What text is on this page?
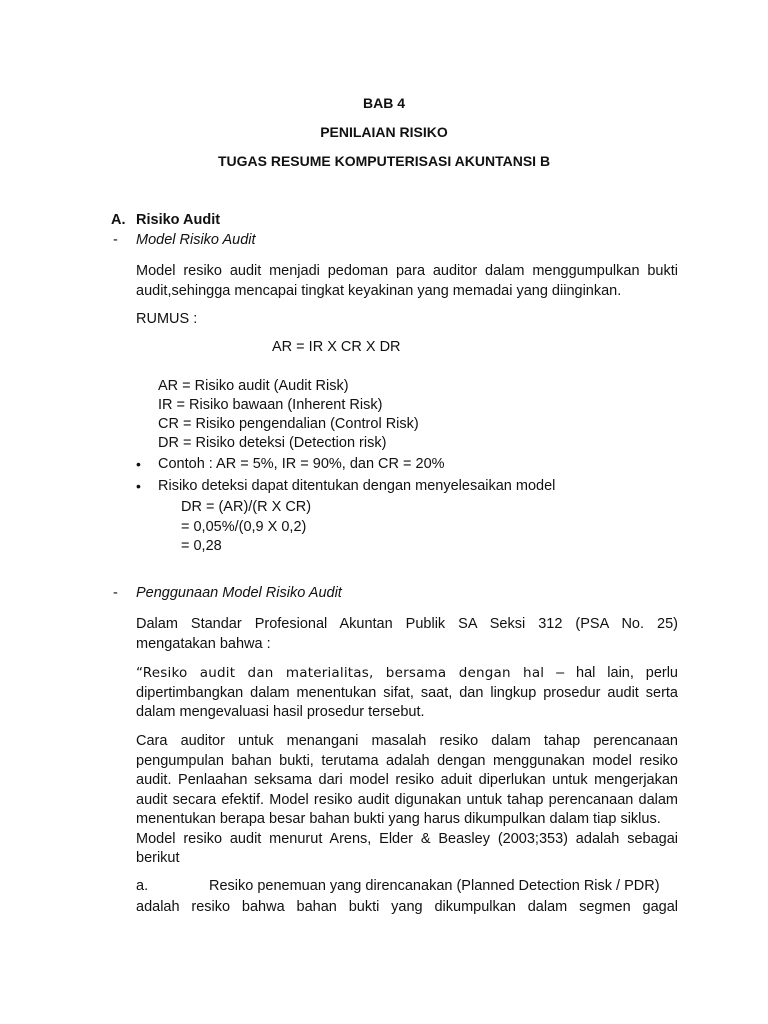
BAB 4
PENILAIAN RISIKO
TUGAS RESUME KOMPUTERISASI AKUNTANSI B
A. Risiko Audit
- Model Risiko Audit
Model resiko audit menjadi pedoman para auditor dalam menggumpulkan bukti
audit,sehingga mencapai tingkat keyakinan yang memadai yang diinginkan.
RUMUS :
AR = IR X CR X DR
AR = Risiko audit (Audit Risk)
IR = Risiko bawaan (Inherent Risk)
CR = Risiko pengendalian (Control Risk)
DR = Risiko deteksi (Detection risk)
• Contoh : AR = 5%, IR = 90%, dan CR = 20%
• Risiko deteksi dapat ditentukan dengan menyelesaikan model
DR = (AR)/(R X CR)
= 0,05%/(0,9 X 0,2)
= 0,28
- Penggunaan Model Risiko Audit
Dalam Standar Profesional Akuntan Publik SA Seksi 312 (PSA No. 25)
mengatakan bahwa :
“Resiko audit dan materialitas, bersama dengan hal – hal lain, perlu
dipertimbangkan dalam menentukan sifat, saat, dan lingkup prosedur audit serta
dalam mengevaluasi hasil prosedur tersebut.
Cara auditor untuk menangani masalah resiko dalam tahap perencanaan
pengumpulan bahan bukti, terutama adalah dengan menggunakan model resiko
audit. Penlaahan seksama dari model resiko aduit diperlukan untuk mengerjakan
audit secara efektif. Model resiko audit digunakan untuk tahap perencanaan dalam
menentukan berapa besar bahan bukti yang harus dikumpulkan dalam tiap siklus.
Model resiko audit menurut Arens, Elder & Beasley (2003;353) adalah sebagai
berikut
a.	Resiko penemuan yang direncanakan (Planned Detection Risk / PDR)
adalah resiko bahwa bahan bukti yang dikumpulkan dalam segmen gagal
